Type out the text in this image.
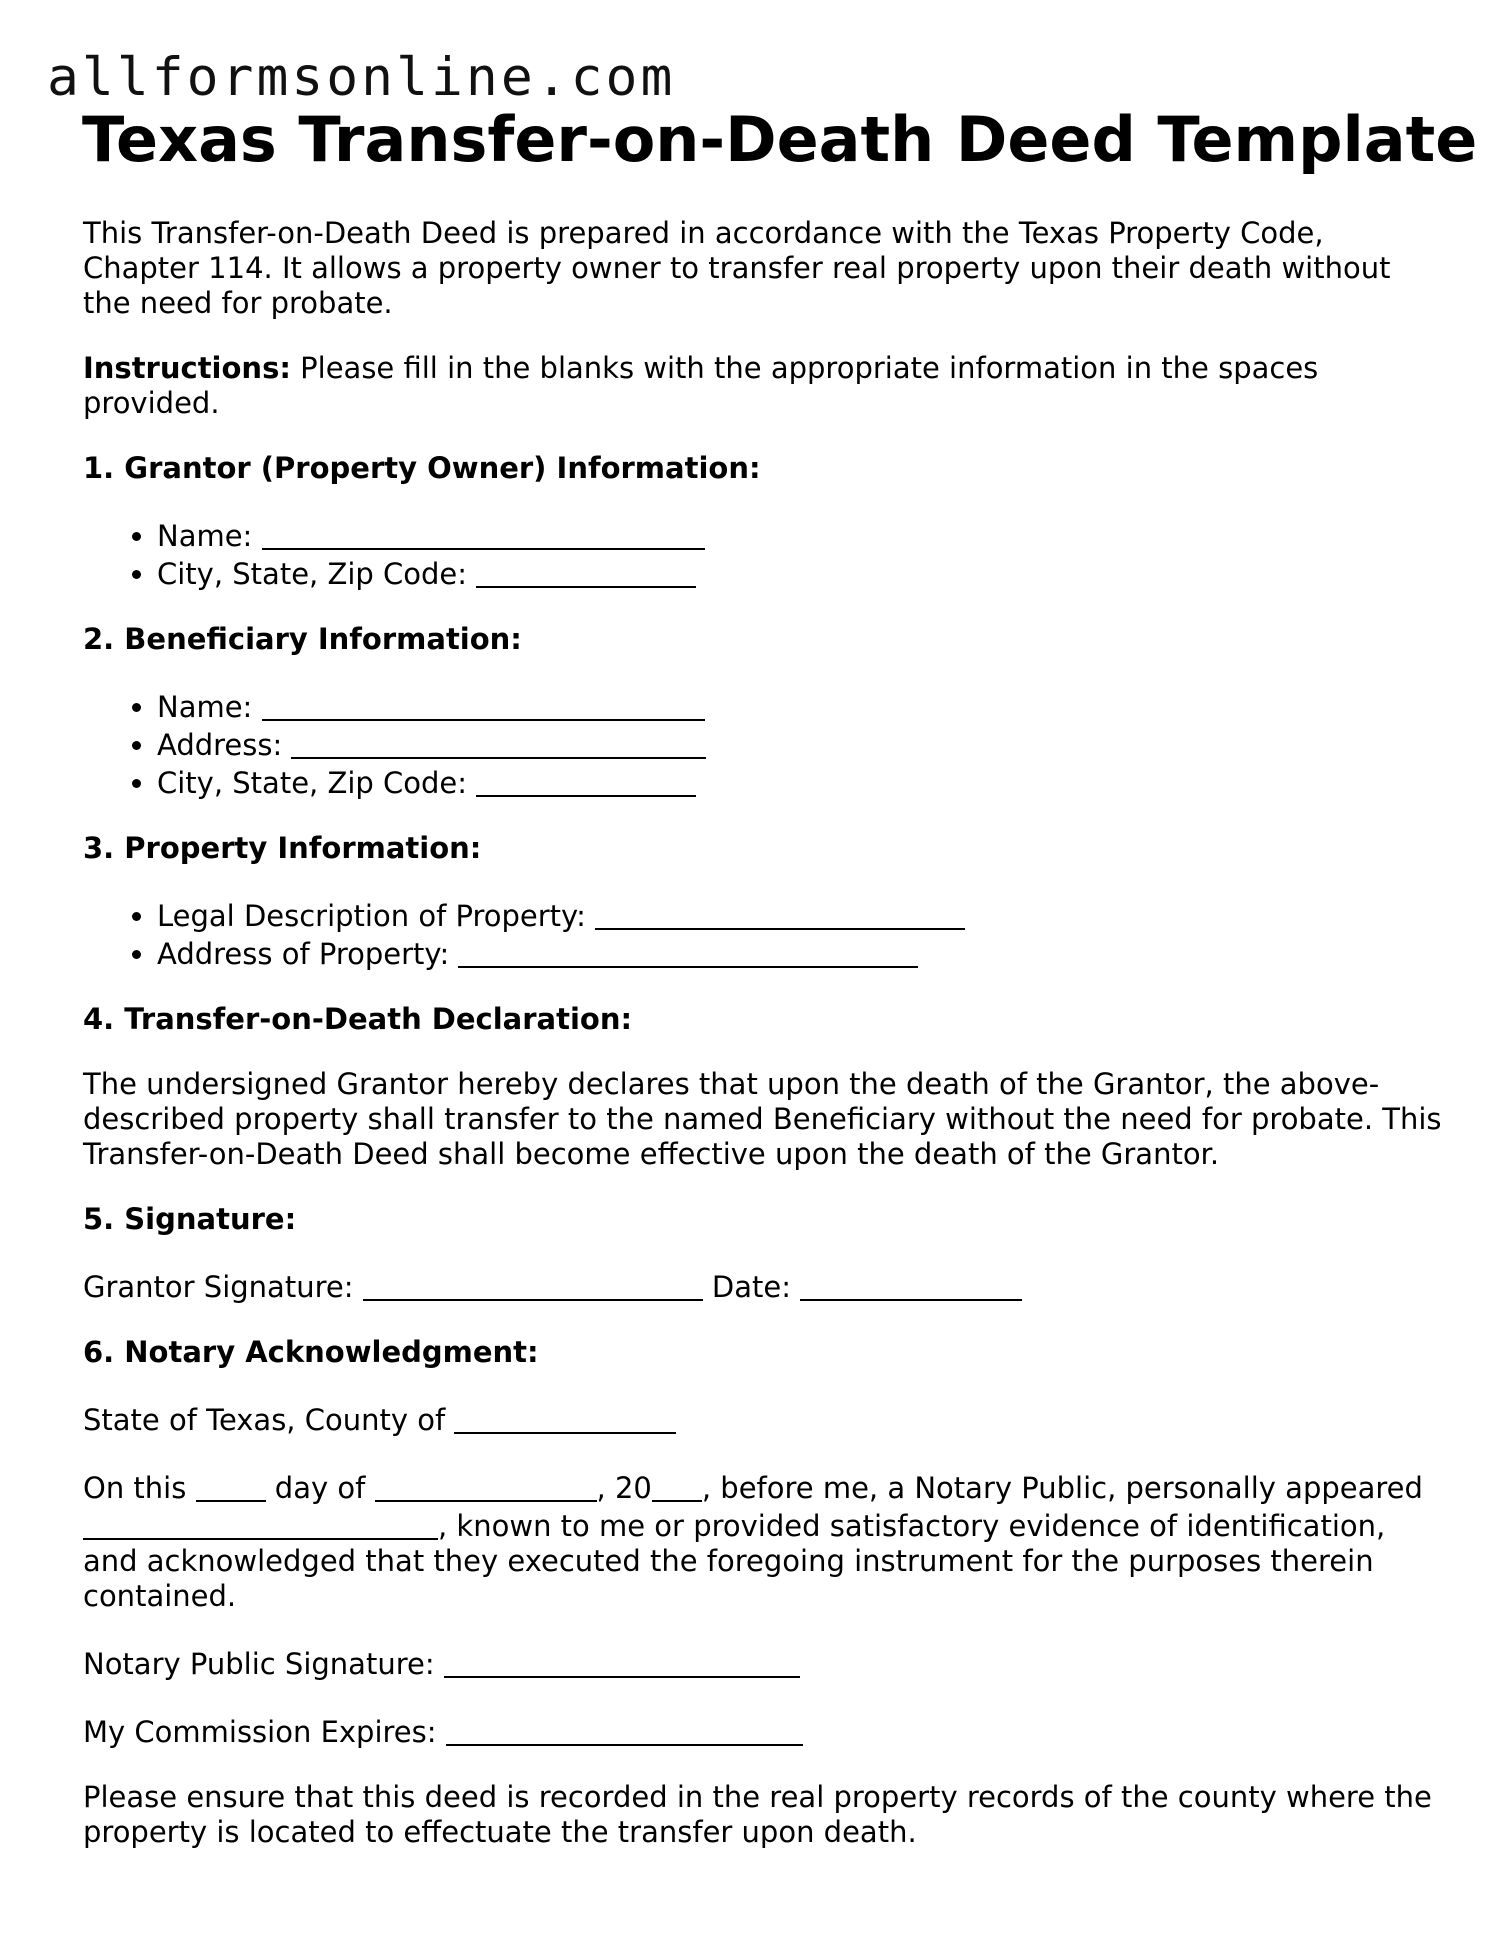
allformsonline.com
Texas Transfer-on-Death Deed Template

This Transfer-on-Death Deed is prepared in accordance with the Texas Property Code, Chapter 114. It allows a property owner to transfer real property upon their death without the need for probate.

Instructions: Please fill in the blanks with the appropriate information in the spaces provided.

1. Grantor (Property Owner) Information:
• Name:
• City, State, Zip Code:
2. Beneficiary Information:
• Name:
• Address:
• City, State, Zip Code:
3. Property Information:
• Legal Description of Property:
• Address of Property:
4. Transfer-on-Death Declaration:

The undersigned Grantor hereby declares that upon the death of the Grantor, the above-described property shall transfer to the named Beneficiary without the need for probate. This Transfer-on-Death Deed shall become effective upon the death of the Grantor.

5. Signature:

Grantor Signature:	Date:

6. Notary Acknowledgment:

State of Texas, County of

On this  day of	, 20 , before me, a Notary Public, personally appeared , known to me or provided satisfactory evidence of identification, and acknowledged that they executed the foregoing instrument for the purposes therein contained.

Notary Public Signature:

My Commission Expires:

Please ensure that this deed is recorded in the real property records of the county where the property is located to effectuate the transfer upon death.
